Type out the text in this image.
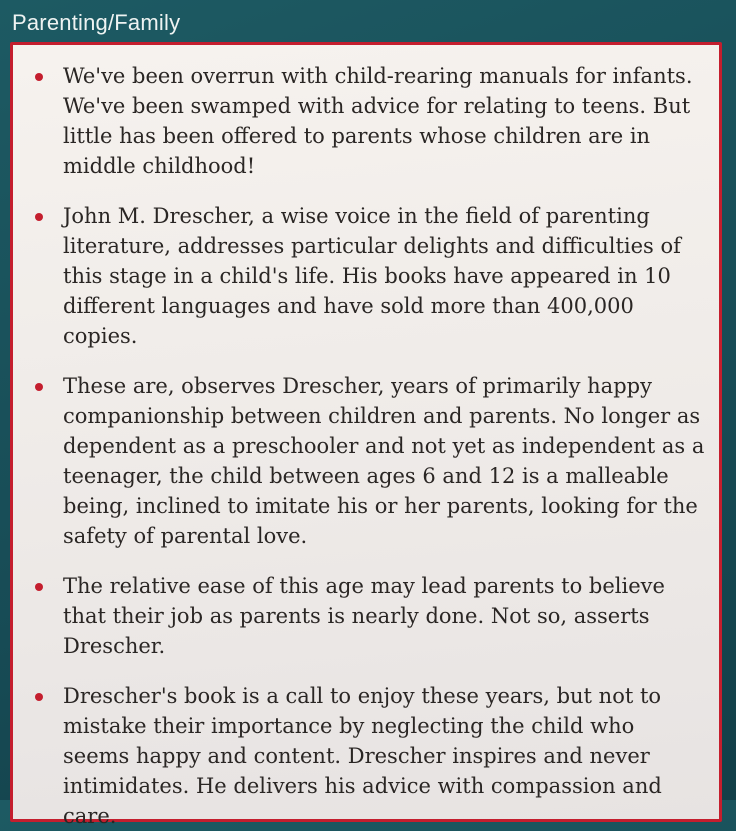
Parenting/Family
We've been overrun with child-rearing manuals for infants. We've been swamped with advice for relating to teens. But little has been offered to parents whose children are in middle childhood!
John M. Drescher, a wise voice in the field of parenting literature, addresses particular delights and difficulties of this stage in a child's life. His books have appeared in 10 different languages and have sold more than 400,000 copies.
These are, observes Drescher, years of primarily happy companionship between children and parents. No longer as dependent as a preschooler and not yet as independent as a teenager, the child between ages 6 and 12 is a malleable being, inclined to imitate his or her parents, looking for the safety of parental love.
The relative ease of this age may lead parents to believe that their job as parents is nearly done. Not so, asserts Drescher.
Drescher's book is a call to enjoy these years, but not to mistake their importance by neglecting the child who seems happy and content. Drescher inspires and never intimidates. He delivers his advice with compassion and care.
